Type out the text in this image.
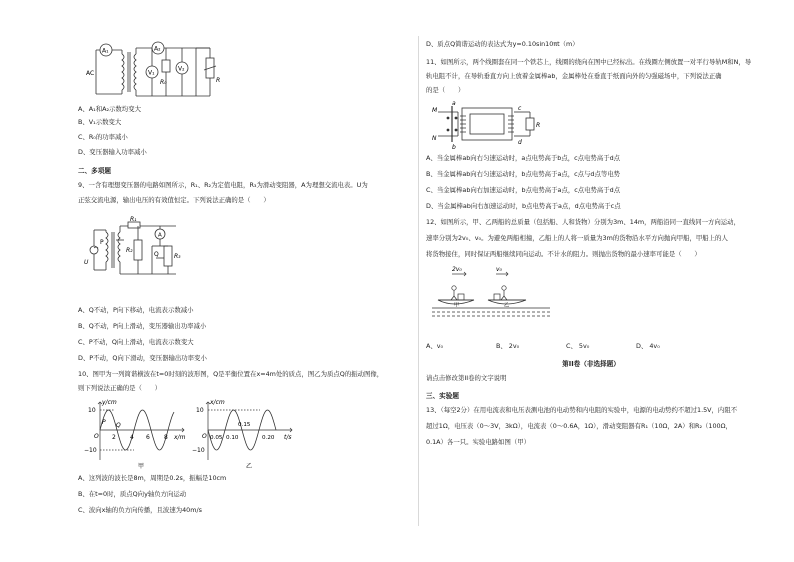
A₁	A₂
V₁
V₂
AC
R₀	R
A、A₁和A₂示数均变大
B、V₁示数变大
C、R₀的功率减小
D、变压器输入功率减小
二、多项题
9、一含有理想变压器的电路如图所示，R₁、R₂为定值电阻，R₃为滑动变阻器，A为理想交流电表。U为
正弦交流电源，输出电压的有效值恒定。下列说法正确的是（　　）
R₁
R₂
R₃
A
P
Q
U
A、Q不动，P向下移动，电流表示数减小
B、Q不动，P向上滑动，变压器输出功率减小
C、P不动，Q向上滑动，电流表示数变大
D、P不动，Q向下滑动，变压器输出功率变小
10、图甲为一列简谐横波在t=0时刻的波形图，Q是平衡位置在x=4m处的质点，图乙为质点Q的振动图像，
则下列说法正确的是（　　）
y/cm
x/m
10
−10
O
P Q
2 4 6 8
甲
x/cm
t/s
10
−10
O 0.05 0.10
0.15
0.20
乙
A、这列波的波长是8m，周期是0.2s，振幅是10cm
B、在t=0时，质点Q向y轴负方向运动
C、波向x轴的负方向传播，且波速为40m/s
D、质点Q简谐运动的表达式为y=0.10sin10πt（m）
11、如图所示，两个线圈套在同一个铁芯上，线圈的绕向在图中已经标出。在线圈左侧放置一对平行导轨M和N，导
轨电阻不计，在导轨垂直方向上放着金属棒ab，金属棒处在垂直于纸面向外的匀强磁场中，下列说法正确
的是（　　）
M
N
a
b
c
d
R
A、当金属棒ab向右匀速运动时，a点电势高于b点，c点电势高于d点
B、当金属棒ab向右匀速运动时，b点电势高于a点，c点与d点等电势
C、当金属棒ab向右加速运动时，b点电势高于a点，c点电势高于d点
D、当金属棒ab向右加速运动时，b点电势高于a点，d点电势高于c点
12、如图所示，甲、乙两船的总质量（包括船、人和货物）分别为3m、14m，两船沿同一直线同一方向运动，
速率分别为2v₀、v₀。为避免两船相撞，乙船上的人将一质量为3m的货物沿水平方向抛向甲船，甲船上的人
将货物接住，同时保证两船继续同向运动。不计水的阻力。则抛出货物的最小速率可能是（　　）
2v₀	v₀
甲	乙
A、v₀	B、 2v₀	C、 5v₀	D、 4v₀
第II卷（非选择题）
请点击修改第II卷的文字说明
三、实验题
13、（每空2分）在用电流表和电压表测电池的电动势和内电阻的实验中，电源的电动势约不超过1.5V，内阻不
超过1Ω，电压表（0～3V，3kΩ），电流表（0～0.6A，1Ω），滑动变阻器有R₁（10Ω，2A）和R₂（100Ω，
0.1A）各一只。实验电路如图（甲）
